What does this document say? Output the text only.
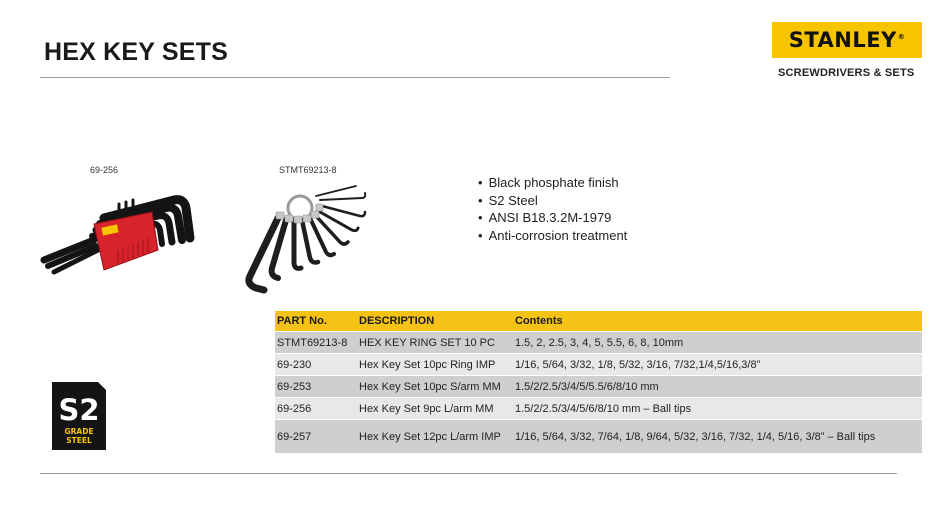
HEX KEY SETS	STANLEY®
SCREWDRIVERS & SETS
69-256	STMT69213-8
• Black phosphate finish
• S2 Steel
• ANSI B18.3.2M-1979
• Anti-corrosion treatment
PART No.	DESCRIPTION	Contents
STMT69213-8	HEX KEY RING SET 10 PC	1.5, 2, 2.5, 3, 4, 5, 5.5, 6, 8, 10mm
69-230	Hex Key Set 10pc Ring IMP	1/16, 5/64, 3/32, 1/8, 5/32, 3/16, 7/32,1/4,5/16,3/8”
69-253	Hex Key Set 10pc S/arm MM	1.5/2/2.5/3/4/5/5.5/6/8/10 mm
69-256	Hex Key Set 9pc L/arm MM	1.5/2/2.5/3/4/5/6/8/10 mm – Ball tips
69-257	Hex Key Set 12pc L/arm IMP	1/16, 5/64, 3/32, 7/64, 1/8, 9/64, 5/32, 3/16, 7/32, 1/4, 5/16, 3/8” – Ball tips
S2
GRADE
STEEL
